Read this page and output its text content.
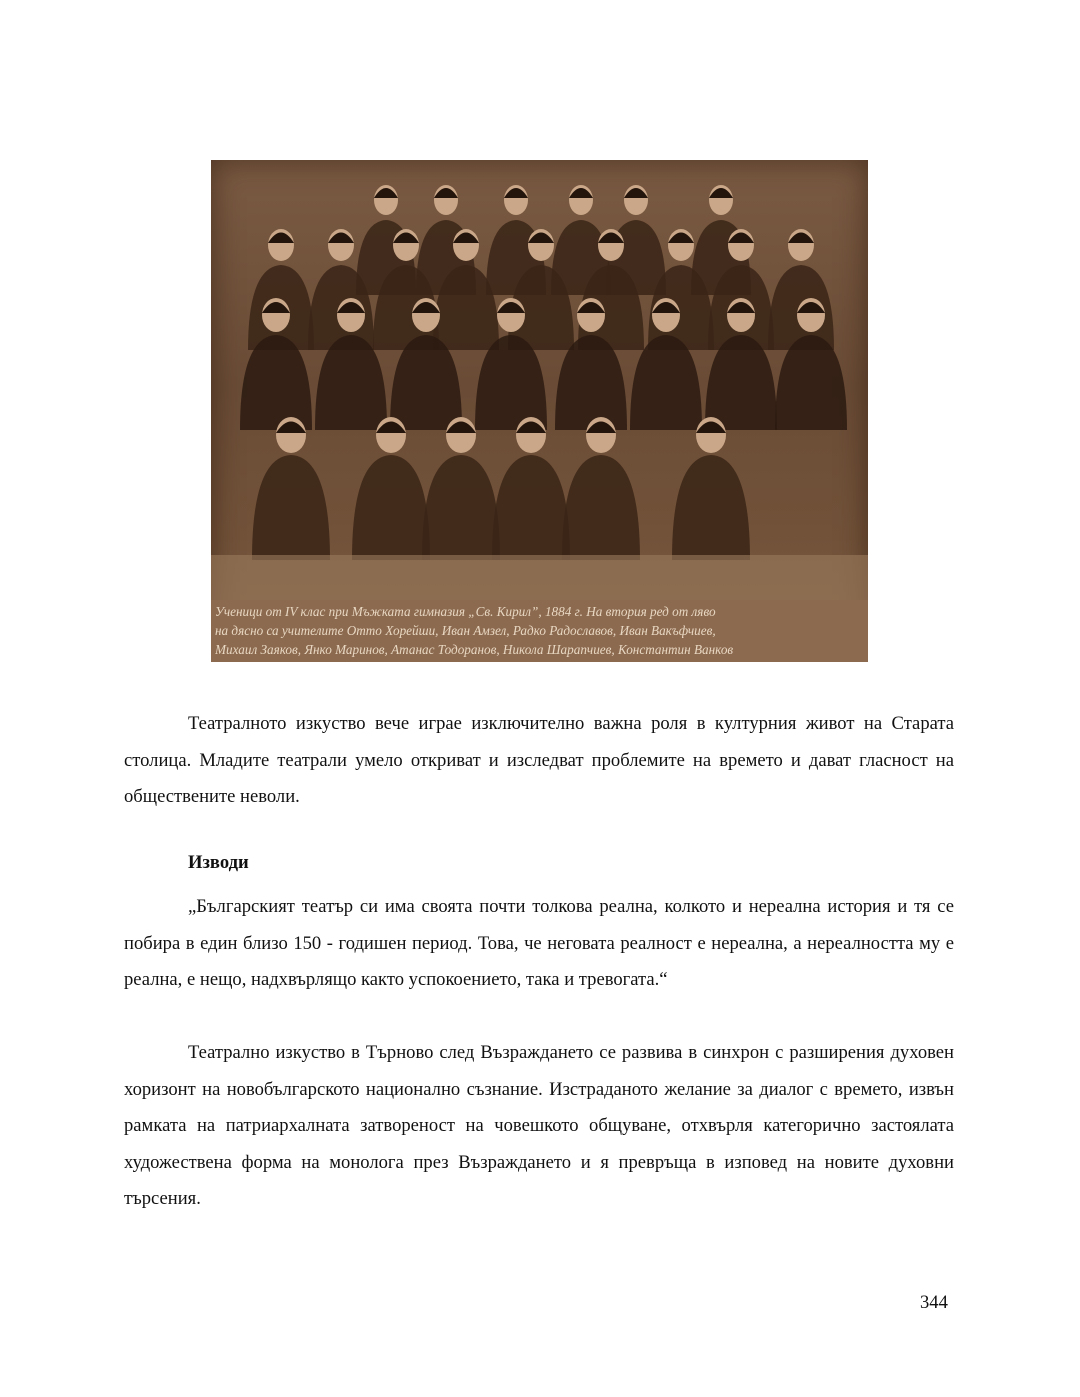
Ученици от IV клас при Мъжката гимназия „Св. Кирил”, 1884 г. На втория ред от ляво
на дясно са учителите Отто Хорейши, Иван Амзел, Радко Радославов, Иван Вакъфчиев,
Михаил Заяков, Янко Маринов, Атанас Тодоранов, Никола Шарапчиев, Константин Ванков

Театралното изкуство вече играе изключително важна роля в културния живот на Старата столица. Младите театрали умело откриват и изследват проблемите на времето и дават гласност на обществените неволи.

Изводи

„Българският театър си има своята почти толкова реална, колкото и нереална история и тя се побира в един близо 150 - годишен период. Това, че неговата реалност е нереална, а нереалността му е реална, е нещо, надхвърлящо както успокоението, така и тревогата.“

Театрално изкуство в Търново след Възраждането се развива в синхрон с разширения духовен хоризонт на новобългарското национално съзнание. Изстраданото желание за диалог с времето, извън рамката на патриархалната затвореност на човешкото общуване, отхвърля категорично застоялата художествена форма на монолога през Възраждането и я превръща в изповед на новите духовни търсения.

344
